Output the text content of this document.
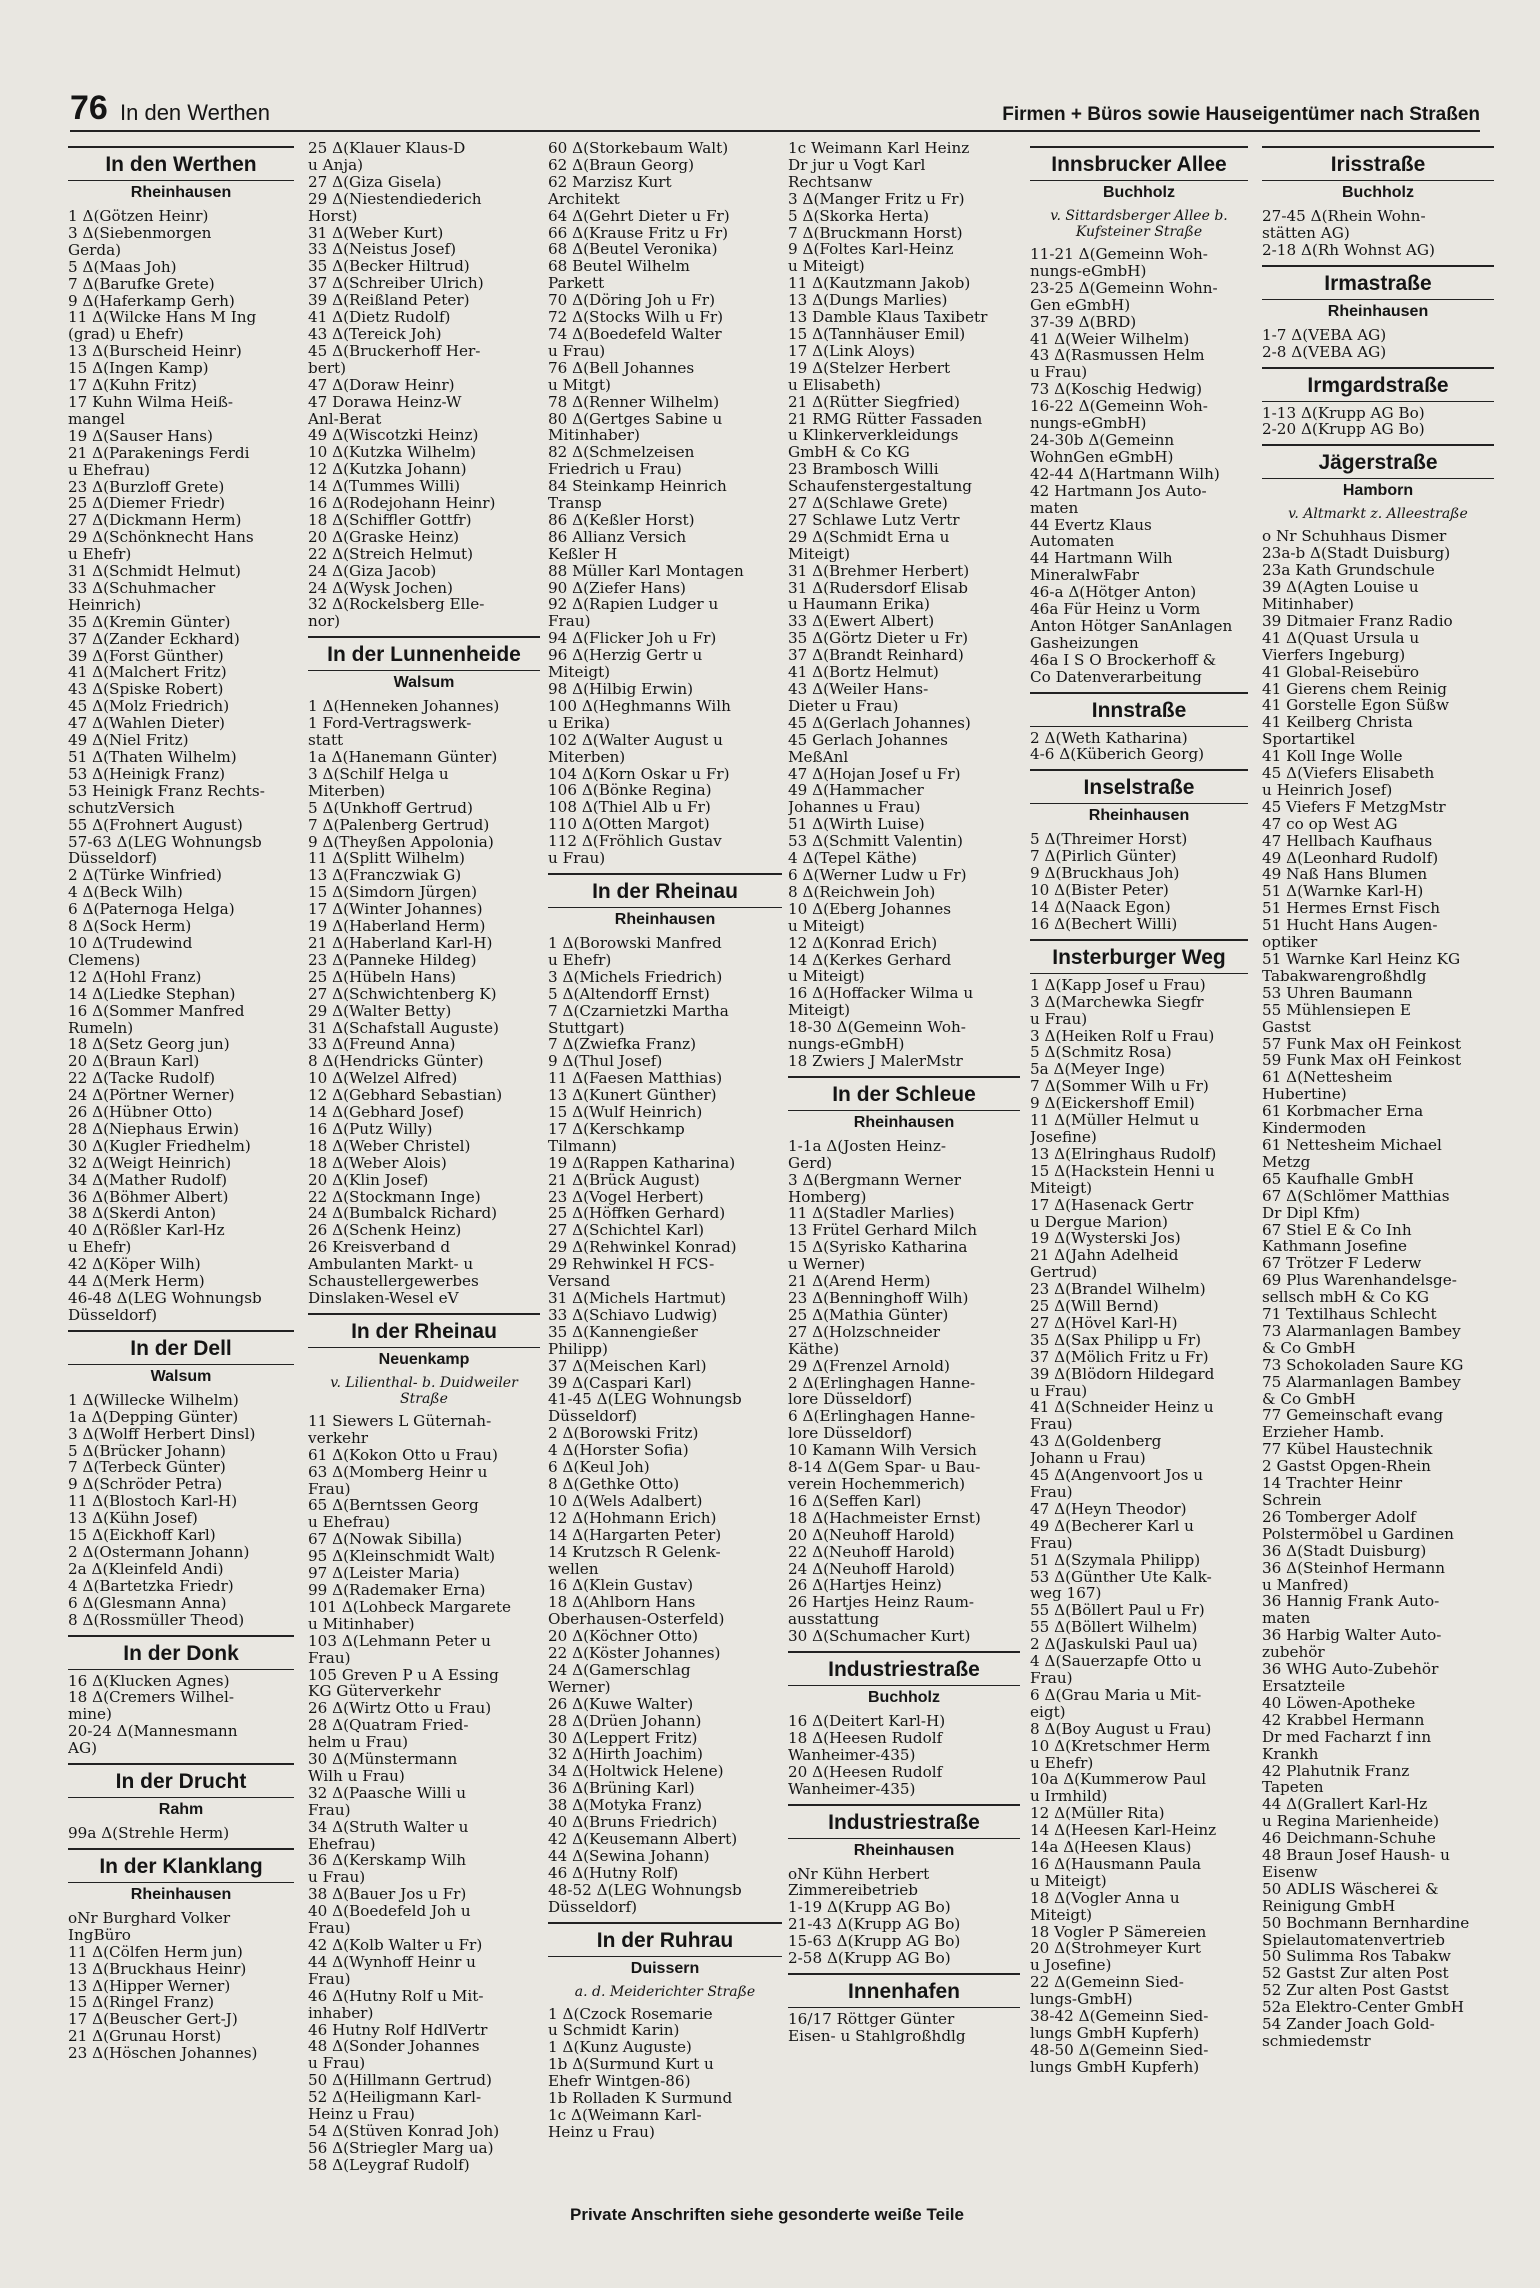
76 In den Werthen	Firmen + Büros sowie Hauseigentümer nach Straßen
In den Werthen
Rheinhausen
1 Δ(Götzen Heinr)
3 Δ(Siebenmorgen
Gerda)
5 Δ(Maas Joh)
7 Δ(Barufke Grete)
9 Δ(Haferkamp Gerh)
11 Δ(Wilcke Hans M Ing
(grad) u Ehefr)
13 Δ(Burscheid Heinr)
15 Δ(Ingen Kamp)
17 Δ(Kuhn Fritz)
17 Kuhn Wilma Heiß-
mangel
19 Δ(Sauser Hans)
21 Δ(Parakenings Ferdi
u Ehefrau)
23 Δ(Burzloff Grete)
25 Δ(Diemer Friedr)
27 Δ(Dickmann Herm)
29 Δ(Schönknecht Hans
u Ehefr)
31 Δ(Schmidt Helmut)
33 Δ(Schuhmacher
Heinrich)
35 Δ(Kremin Günter)
37 Δ(Zander Eckhard)
39 Δ(Forst Günther)
41 Δ(Malchert Fritz)
43 Δ(Spiske Robert)
45 Δ(Molz Friedrich)
47 Δ(Wahlen Dieter)
49 Δ(Niel Fritz)
51 Δ(Thaten Wilhelm)
53 Δ(Heinigk Franz)
53 Heinigk Franz Rechts-
schutzVersich
55 Δ(Frohnert August)
57-63 Δ(LEG Wohnungsb
Düsseldorf)
2 Δ(Türke Winfried)
4 Δ(Beck Wilh)
6 Δ(Paternoga Helga)
8 Δ(Sock Herm)
10 Δ(Trudewind
Clemens)
12 Δ(Hohl Franz)
14 Δ(Liedke Stephan)
16 Δ(Sommer Manfred
Rumeln)
18 Δ(Setz Georg jun)
20 Δ(Braun Karl)
22 Δ(Tacke Rudolf)
24 Δ(Pörtner Werner)
26 Δ(Hübner Otto)
28 Δ(Niephaus Erwin)
30 Δ(Kugler Friedhelm)
32 Δ(Weigt Heinrich)
34 Δ(Mather Rudolf)
36 Δ(Böhmer Albert)
38 Δ(Skerdi Anton)
40 Δ(Rößler Karl-Hz
u Ehefr)
42 Δ(Köper Wilh)
44 Δ(Merk Herm)
46-48 Δ(LEG Wohnungsb
Düsseldorf)
In der Dell
Walsum
1 Δ(Willecke Wilhelm)
1a Δ(Depping Günter)
3 Δ(Wolff Herbert Dinsl)
5 Δ(Brücker Johann)
7 Δ(Terbeck Günter)
9 Δ(Schröder Petra)
11 Δ(Blostoch Karl-H)
13 Δ(Kühn Josef)
15 Δ(Eickhoff Karl)
2 Δ(Ostermann Johann)
2a Δ(Kleinfeld Andi)
4 Δ(Bartetzka Friedr)
6 Δ(Glesmann Anna)
8 Δ(Rossmüller Theod)
In der Donk
16 Δ(Klucken Agnes)
18 Δ(Cremers Wilhel-
mine)
20-24 Δ(Mannesmann
AG)
In der Drucht
Rahm
99a Δ(Strehle Herm)
In der Klanklang
Rheinhausen
oNr Burghard Volker
IngBüro
11 Δ(Cölfen Herm jun)
13 Δ(Bruckhaus Heinr)
13 Δ(Hipper Werner)
15 Δ(Ringel Franz)
17 Δ(Beuscher Gert-J)
21 Δ(Grunau Horst)
23 Δ(Höschen Johannes)
25 Δ(Klauer Klaus-D
u Anja)
27 Δ(Giza Gisela)
29 Δ(Niestendiederich
Horst)
31 Δ(Weber Kurt)
33 Δ(Neistus Josef)
35 Δ(Becker Hiltrud)
37 Δ(Schreiber Ulrich)
39 Δ(Reißland Peter)
41 Δ(Dietz Rudolf)
43 Δ(Tereick Joh)
45 Δ(Bruckerhoff Her-
bert)
47 Δ(Doraw Heinr)
47 Dorawa Heinz-W
Anl-Berat
49 Δ(Wiscotzki Heinz)
10 Δ(Kutzka Wilhelm)
12 Δ(Kutzka Johann)
14 Δ(Tummes Willi)
16 Δ(Rodejohann Heinr)
18 Δ(Schiffler Gottfr)
20 Δ(Graske Heinz)
22 Δ(Streich Helmut)
24 Δ(Giza Jacob)
24 Δ(Wysk Jochen)
32 Δ(Rockelsberg Elle-
nor)
In der Lunnenheide
Walsum
1 Δ(Henneken Johannes)
1 Ford-Vertragswerk-
statt
1a Δ(Hanemann Günter)
3 Δ(Schilf Helga u
Miterben)
5 Δ(Unkhoff Gertrud)
7 Δ(Palenberg Gertrud)
9 Δ(Theyßen Appolonia)
11 Δ(Splitt Wilhelm)
13 Δ(Franczwiak G)
15 Δ(Simdorn Jürgen)
17 Δ(Winter Johannes)
19 Δ(Haberland Herm)
21 Δ(Haberland Karl-H)
23 Δ(Panneke Hildeg)
25 Δ(Hübeln Hans)
27 Δ(Schwichtenberg K)
29 Δ(Walter Betty)
31 Δ(Schafstall Auguste)
33 Δ(Freund Anna)
8 Δ(Hendricks Günter)
10 Δ(Welzel Alfred)
12 Δ(Gebhard Sebastian)
14 Δ(Gebhard Josef)
16 Δ(Putz Willy)
18 Δ(Weber Christel)
18 Δ(Weber Alois)
20 Δ(Klin Josef)
22 Δ(Stockmann Inge)
24 Δ(Bumbalck Richard)
26 Δ(Schenk Heinz)
26 Kreisverband d
Ambulanten Markt- u
Schaustellergewerbes
Dinslaken-Wesel eV
In der Rheinau
Neuenkamp
v. Lilienthal- b. Duidweiler Straße
11 Siewers L Güternah-
verkehr
61 Δ(Kokon Otto u Frau)
63 Δ(Momberg Heinr u
Frau)
65 Δ(Berntssen Georg
u Ehefrau)
67 Δ(Nowak Sibilla)
95 Δ(Kleinschmidt Walt)
97 Δ(Leister Maria)
99 Δ(Rademaker Erna)
101 Δ(Lohbeck Margarete
u Mitinhaber)
103 Δ(Lehmann Peter u
Frau)
105 Greven P u A Essing
KG Güterverkehr
26 Δ(Wirtz Otto u Frau)
28 Δ(Quatram Fried-
helm u Frau)
30 Δ(Münstermann
Wilh u Frau)
32 Δ(Paasche Willi u
Frau)
34 Δ(Struth Walter u
Ehefrau)
36 Δ(Kerskamp Wilh
u Frau)
38 Δ(Bauer Jos u Fr)
40 Δ(Boedefeld Joh u
Frau)
42 Δ(Kolb Walter u Fr)
44 Δ(Wynhoff Heinr u
Frau)
46 Δ(Hutny Rolf u Mit-
inhaber)
46 Hutny Rolf HdlVertr
48 Δ(Sonder Johannes
u Frau)
50 Δ(Hillmann Gertrud)
52 Δ(Heiligmann Karl-
Heinz u Frau)
54 Δ(Stüven Konrad Joh)
56 Δ(Striegler Marg ua)
58 Δ(Leygraf Rudolf)
60 Δ(Storkebaum Walt)
62 Δ(Braun Georg)
62 Marzisz Kurt
Architekt
64 Δ(Gehrt Dieter u Fr)
66 Δ(Krause Fritz u Fr)
68 Δ(Beutel Veronika)
68 Beutel Wilhelm
Parkett
70 Δ(Döring Joh u Fr)
72 Δ(Stocks Wilh u Fr)
74 Δ(Boedefeld Walter
u Frau)
76 Δ(Bell Johannes
u Mitgt)
78 Δ(Renner Wilhelm)
80 Δ(Gertges Sabine u
Mitinhaber)
82 Δ(Schmelzeisen
Friedrich u Frau)
84 Steinkamp Heinrich
Transp
86 Δ(Keßler Horst)
86 Allianz Versich
Keßler H
88 Müller Karl Montagen
90 Δ(Ziefer Hans)
92 Δ(Rapien Ludger u
Frau)
94 Δ(Flicker Joh u Fr)
96 Δ(Herzig Gertr u
Miteigt)
98 Δ(Hilbig Erwin)
100 Δ(Heghmanns Wilh
u Erika)
102 Δ(Walter August u
Miterben)
104 Δ(Korn Oskar u Fr)
106 Δ(Bönke Regina)
108 Δ(Thiel Alb u Fr)
110 Δ(Otten Margot)
112 Δ(Fröhlich Gustav
u Frau)
In der Rheinau
Rheinhausen
1 Δ(Borowski Manfred
u Ehefr)
3 Δ(Michels Friedrich)
5 Δ(Altendorff Ernst)
7 Δ(Czarnietzki Martha
Stuttgart)
7 Δ(Zwiefka Franz)
9 Δ(Thul Josef)
11 Δ(Faesen Matthias)
13 Δ(Kunert Günther)
15 Δ(Wulf Heinrich)
17 Δ(Kerschkamp
Tilmann)
19 Δ(Rappen Katharina)
21 Δ(Brück August)
23 Δ(Vogel Herbert)
25 Δ(Höffken Gerhard)
27 Δ(Schichtel Karl)
29 Δ(Rehwinkel Konrad)
29 Rehwinkel H FCS-
Versand
31 Δ(Michels Hartmut)
33 Δ(Schiavo Ludwig)
35 Δ(Kannengießer
Philipp)
37 Δ(Meischen Karl)
39 Δ(Caspari Karl)
41-45 Δ(LEG Wohnungsb
Düsseldorf)
2 Δ(Borowski Fritz)
4 Δ(Horster Sofia)
6 Δ(Keul Joh)
8 Δ(Gethke Otto)
10 Δ(Wels Adalbert)
12 Δ(Hohmann Erich)
14 Δ(Hargarten Peter)
14 Krutzsch R Gelenk-
wellen
16 Δ(Klein Gustav)
18 Δ(Ahlborn Hans
Oberhausen-Osterfeld)
20 Δ(Köchner Otto)
22 Δ(Köster Johannes)
24 Δ(Gamerschlag
Werner)
26 Δ(Kuwe Walter)
28 Δ(Drüen Johann)
30 Δ(Leppert Fritz)
32 Δ(Hirth Joachim)
34 Δ(Holtwick Helene)
36 Δ(Brüning Karl)
38 Δ(Motyka Franz)
40 Δ(Bruns Friedrich)
42 Δ(Keusemann Albert)
44 Δ(Sewina Johann)
46 Δ(Hutny Rolf)
48-52 Δ(LEG Wohnungsb
Düsseldorf)
In der Ruhrau
Duissern
a. d. Meiderichter Straße
1 Δ(Czock Rosemarie
u Schmidt Karin)
1 Δ(Kunz Auguste)
1b Δ(Surmund Kurt u
Ehefr Wintgen-86)
1b Rolladen K Surmund
1c Δ(Weimann Karl-
Heinz u Frau)
1c Weimann Karl Heinz
Dr jur u Vogt Karl
Rechtsanw
3 Δ(Manger Fritz u Fr)
5 Δ(Skorka Herta)
7 Δ(Bruckmann Horst)
9 Δ(Foltes Karl-Heinz
u Miteigt)
11 Δ(Kautzmann Jakob)
13 Δ(Dungs Marlies)
13 Damble Klaus Taxibetr
15 Δ(Tannhäuser Emil)
17 Δ(Link Aloys)
19 Δ(Stelzer Herbert
u Elisabeth)
21 Δ(Rütter Siegfried)
21 RMG Rütter Fassaden
u Klinkerverkleidungs
GmbH & Co KG
23 Brambosch Willi
Schaufenstergestaltung
27 Δ(Schlawe Grete)
27 Schlawe Lutz Vertr
29 Δ(Schmidt Erna u
Miteigt)
31 Δ(Brehmer Herbert)
31 Δ(Rudersdorf Elisab
u Haumann Erika)
33 Δ(Ewert Albert)
35 Δ(Görtz Dieter u Fr)
37 Δ(Brandt Reinhard)
41 Δ(Bortz Helmut)
43 Δ(Weiler Hans-
Dieter u Frau)
45 Δ(Gerlach Johannes)
45 Gerlach Johannes
MeßAnl
47 Δ(Hojan Josef u Fr)
49 Δ(Hammacher
Johannes u Frau)
51 Δ(Wirth Luise)
53 Δ(Schmitt Valentin)
4 Δ(Tepel Käthe)
6 Δ(Werner Ludw u Fr)
8 Δ(Reichwein Joh)
10 Δ(Eberg Johannes
u Miteigt)
12 Δ(Konrad Erich)
14 Δ(Kerkes Gerhard
u Miteigt)
16 Δ(Hoffacker Wilma u
Miteigt)
18-30 Δ(Gemeinn Woh-
nungs-eGmbH)
18 Zwiers J MalerMstr
In der Schleue
Rheinhausen
1-1a Δ(Josten Heinz-
Gerd)
3 Δ(Bergmann Werner
Homberg)
11 Δ(Stadler Marlies)
13 Frütel Gerhard Milch
15 Δ(Syrisko Katharina
u Werner)
21 Δ(Arend Herm)
23 Δ(Benninghoff Wilh)
25 Δ(Mathia Günter)
27 Δ(Holzschneider
Käthe)
29 Δ(Frenzel Arnold)
2 Δ(Erlinghagen Hanne-
lore Düsseldorf)
6 Δ(Erlinghagen Hanne-
lore Düsseldorf)
10 Kamann Wilh Versich
8-14 Δ(Gem Spar- u Bau-
verein Hochemmerich)
16 Δ(Seffen Karl)
18 Δ(Hachmeister Ernst)
20 Δ(Neuhoff Harold)
22 Δ(Neuhoff Harold)
24 Δ(Neuhoff Harold)
26 Δ(Hartjes Heinz)
26 Hartjes Heinz Raum-
ausstattung
30 Δ(Schumacher Kurt)
Industriestraße
Buchholz
16 Δ(Deitert Karl-H)
18 Δ(Heesen Rudolf
Wanheimer-435)
20 Δ(Heesen Rudolf
Wanheimer-435)
Industriestraße
Rheinhausen
oNr Kühn Herbert
Zimmereibetrieb
1-19 Δ(Krupp AG Bo)
21-43 Δ(Krupp AG Bo)
15-63 Δ(Krupp AG Bo)
2-58 Δ(Krupp AG Bo)
Innenhafen
16/17 Röttger Günter
Eisen- u Stahlgroßhdlg
Innsbrucker Allee
Buchholz
v. Sittardsberger Allee b. Kufsteiner Straße
11-21 Δ(Gemeinn Woh-
nungs-eGmbH)
23-25 Δ(Gemeinn Wohn-
Gen eGmbH)
37-39 Δ(BRD)
41 Δ(Weier Wilhelm)
43 Δ(Rasmussen Helm
u Frau)
73 Δ(Koschig Hedwig)
16-22 Δ(Gemeinn Woh-
nungs-eGmbH)
24-30b Δ(Gemeinn
WohnGen eGmbH)
42-44 Δ(Hartmann Wilh)
42 Hartmann Jos Auto-
maten
44 Evertz Klaus
Automaten
44 Hartmann Wilh
MineralwFabr
46-a Δ(Hötger Anton)
46a Für Heinz u Vorm
Anton Hötger SanAnlagen
Gasheizungen
46a I S O Brockerhoff &
Co Datenverarbeitung
Innstraße
2 Δ(Weth Katharina)
4-6 Δ(Küberich Georg)
Inselstraße
Rheinhausen
5 Δ(Threimer Horst)
7 Δ(Pirlich Günter)
9 Δ(Bruckhaus Joh)
10 Δ(Bister Peter)
14 Δ(Naack Egon)
16 Δ(Bechert Willi)
Insterburger Weg
1 Δ(Kapp Josef u Frau)
3 Δ(Marchewka Siegfr
u Frau)
3 Δ(Heiken Rolf u Frau)
5 Δ(Schmitz Rosa)
5a Δ(Meyer Inge)
7 Δ(Sommer Wilh u Fr)
9 Δ(Eickershoff Emil)
11 Δ(Müller Helmut u
Josefine)
13 Δ(Elringhaus Rudolf)
15 Δ(Hackstein Henni u
Miteigt)
17 Δ(Hasenack Gertr
u Dergue Marion)
19 Δ(Wysterski Jos)
21 Δ(Jahn Adelheid
Gertrud)
23 Δ(Brandel Wilhelm)
25 Δ(Will Bernd)
27 Δ(Hövel Karl-H)
35 Δ(Sax Philipp u Fr)
37 Δ(Mölich Fritz u Fr)
39 Δ(Blödorn Hildegard
u Frau)
41 Δ(Schneider Heinz u
Frau)
43 Δ(Goldenberg
Johann u Frau)
45 Δ(Angenvoort Jos u
Frau)
47 Δ(Heyn Theodor)
49 Δ(Becherer Karl u
Frau)
51 Δ(Szymala Philipp)
53 Δ(Günther Ute Kalk-
weg 167)
55 Δ(Böllert Paul u Fr)
55 Δ(Böllert Wilhelm)
2 Δ(Jaskulski Paul ua)
4 Δ(Sauerzapfe Otto u
Frau)
6 Δ(Grau Maria u Mit-
eigt)
8 Δ(Boy August u Frau)
10 Δ(Kretschmer Herm
u Ehefr)
10a Δ(Kummerow Paul
u Irmhild)
12 Δ(Müller Rita)
14 Δ(Heesen Karl-Heinz
14a Δ(Heesen Klaus)
16 Δ(Hausmann Paula
u Miteigt)
18 Δ(Vogler Anna u
Miteigt)
18 Vogler P Sämereien
20 Δ(Strohmeyer Kurt
u Josefine)
22 Δ(Gemeinn Sied-
lungs-GmbH)
38-42 Δ(Gemeinn Sied-
lungs GmbH Kupferh)
48-50 Δ(Gemeinn Sied-
lungs GmbH Kupferh)
Irisstraße
Buchholz
27-45 Δ(Rhein Wohn-
stätten AG)
2-18 Δ(Rh Wohnst AG)
Irmastraße
Rheinhausen
1-7 Δ(VEBA AG)
2-8 Δ(VEBA AG)
Irmgardstraße
1-13 Δ(Krupp AG Bo)
2-20 Δ(Krupp AG Bo)
Jägerstraße
Hamborn
v. Altmarkt z. Alleestraße
o Nr Schuhhaus Dismer
23a-b Δ(Stadt Duisburg)
23a Kath Grundschule
39 Δ(Agten Louise u
Mitinhaber)
39 Ditmaier Franz Radio
41 Δ(Quast Ursula u
Vierfers Ingeburg)
41 Global-Reisebüro
41 Gierens chem Reinig
41 Gorstelle Egon Süßw
41 Keilberg Christa
Sportartikel
41 Koll Inge Wolle
45 Δ(Viefers Elisabeth
u Heinrich Josef)
45 Viefers F MetzgMstr
47 co op West AG
47 Hellbach Kaufhaus
49 Δ(Leonhard Rudolf)
49 Naß Hans Blumen
51 Δ(Warnke Karl-H)
51 Hermes Ernst Fisch
51 Hucht Hans Augen-
optiker
51 Warnke Karl Heinz KG
Tabakwarengroßhdlg
53 Uhren Baumann
55 Mühlensiepen E
Gastst
57 Funk Max oH Feinkost
59 Funk Max oH Feinkost
61 Δ(Nettesheim
Hubertine)
61 Korbmacher Erna
Kindermoden
61 Nettesheim Michael
Metzg
65 Kaufhalle GmbH
67 Δ(Schlömer Matthias
Dr Dipl Kfm)
67 Stiel E & Co Inh
Kathmann Josefine
67 Trötzer F Lederw
69 Plus Warenhandelsge-
sellsch mbH & Co KG
71 Textilhaus Schlecht
73 Alarmanlagen Bambey
& Co GmbH
73 Schokoladen Saure KG
75 Alarmanlagen Bambey
& Co GmbH
77 Gemeinschaft evang
Erzieher Hamb.
77 Kübel Haustechnik
2 Gastst Opgen-Rhein
14 Trachter Heinr
Schrein
26 Tomberger Adolf
Polstermöbel u Gardinen
36 Δ(Stadt Duisburg)
36 Δ(Steinhof Hermann
u Manfred)
36 Hannig Frank Auto-
maten
36 Harbig Walter Auto-
zubehör
36 WHG Auto-Zubehör
Ersatzteile
40 Löwen-Apotheke
42 Krabbel Hermann
Dr med Facharzt f inn
Krankh
42 Plahutnik Franz
Tapeten
44 Δ(Grallert Karl-Hz
u Regina Marienheide)
46 Deichmann-Schuhe
48 Braun Josef Haush- u
Eisenw
50 ADLIS Wäscherei &
Reinigung GmbH
50 Bochmann Bernhardine
Spielautomatenvertrieb
50 Sulimma Ros Tabakw
52 Gastst Zur alten Post
52 Zur alten Post Gastst
52a Elektro-Center GmbH
54 Zander Joach Gold-
schmiedemstr
Private Anschriften siehe gesonderte weiße Teile
